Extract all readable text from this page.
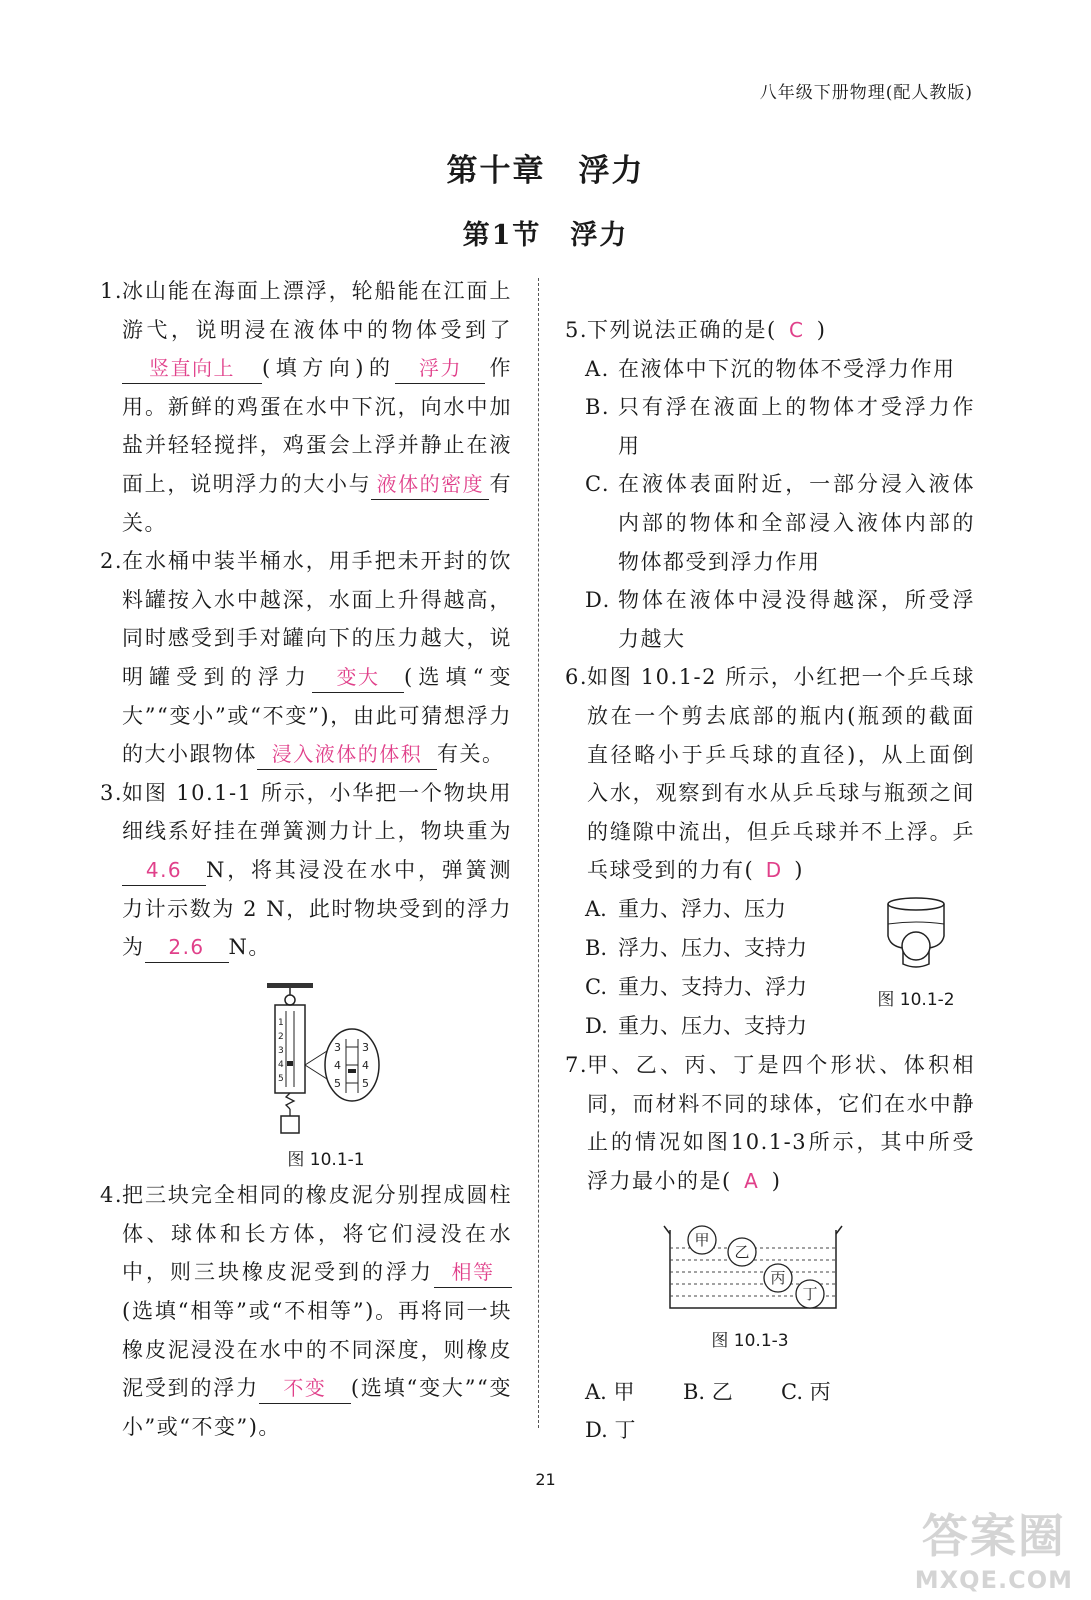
八年级下册物理(配人教版)
第十章　浮力
第1节　浮力
1.
冰山能在海面上漂浮，轮船能在江面上游弋，说明浸在液体中的物体受到了竖直向上 (填方向)的 浮力 作用。新鲜的鸡蛋在水中下沉，向水中加盐并轻轻搅拌，鸡蛋会上浮并静止在液面上，说明浮力的大小与 液体的密度 有关。
2.
在水桶中装半桶水，用手把未开封的饮料罐按入水中越深，水面上升得越高，同时感受到手对罐向下的压力越大，说明罐受到的浮力 变大 (选填“变大”“变小”或“不变”)，由此可猜想浮力的大小跟物体 浸入液体的体积 有关。
3.
如图 10.1-1 所示，小华把一个物块用细线系好挂在弹簧测力计上，物块重为4.6 N，将其浸没在水中，弹簧测力计示数为 2 N，此时物块受到的浮力为 2.6 N。
1
2
3
4
5
3
4
5
3
4
5
图 10.1-1
4.
把三块完全相同的橡皮泥分别捏成圆柱体、球体和长方体，将它们浸没在水中，则三块橡皮泥受到的浮力 相等(选填“相等”或“不相等”)。再将同一块橡皮泥浸没在水中的不同深度，则橡皮泥受到的浮力 不变 (选填“变大”“变小”或“不变”)。
5.
下列说法正确的是( C )
A. 在液体中下沉的物体不受浮力作用
B. 只有浮在液面上的物体才受浮力作用
C. 在液体表面附近，一部分浸入液体内部的物体和全部浸入液体内部的物体都受到浮力作用
D. 物体在液体中浸没得越深，所受浮力越大
6.
如图 10.1-2 所示，小红把一个乒乓球放在一个剪去底部的瓶内(瓶颈的截面直径略小于乒乓球的直径)，从上面倒入水，观察到有水从乒乓球与瓶颈之间的缝隙中流出，但乒乓球并不上浮。乒乓球受到的力有( D )
A. 重力、浮力、压力
B. 浮力、压力、支持力
C. 重力、支持力、浮力
D. 重力、压力、支持力
图 10.1-2
7.
甲、乙、丙、丁是四个形状、体积相同，而材料不同的球体，它们在水中静止的情况如图10.1-3所示，其中所受浮力最小的是( A )
甲
乙
丙
丁
图 10.1-3
A. 甲 B. 乙 C. 丙D. 丁
21
答案圈
MXQE.COM
